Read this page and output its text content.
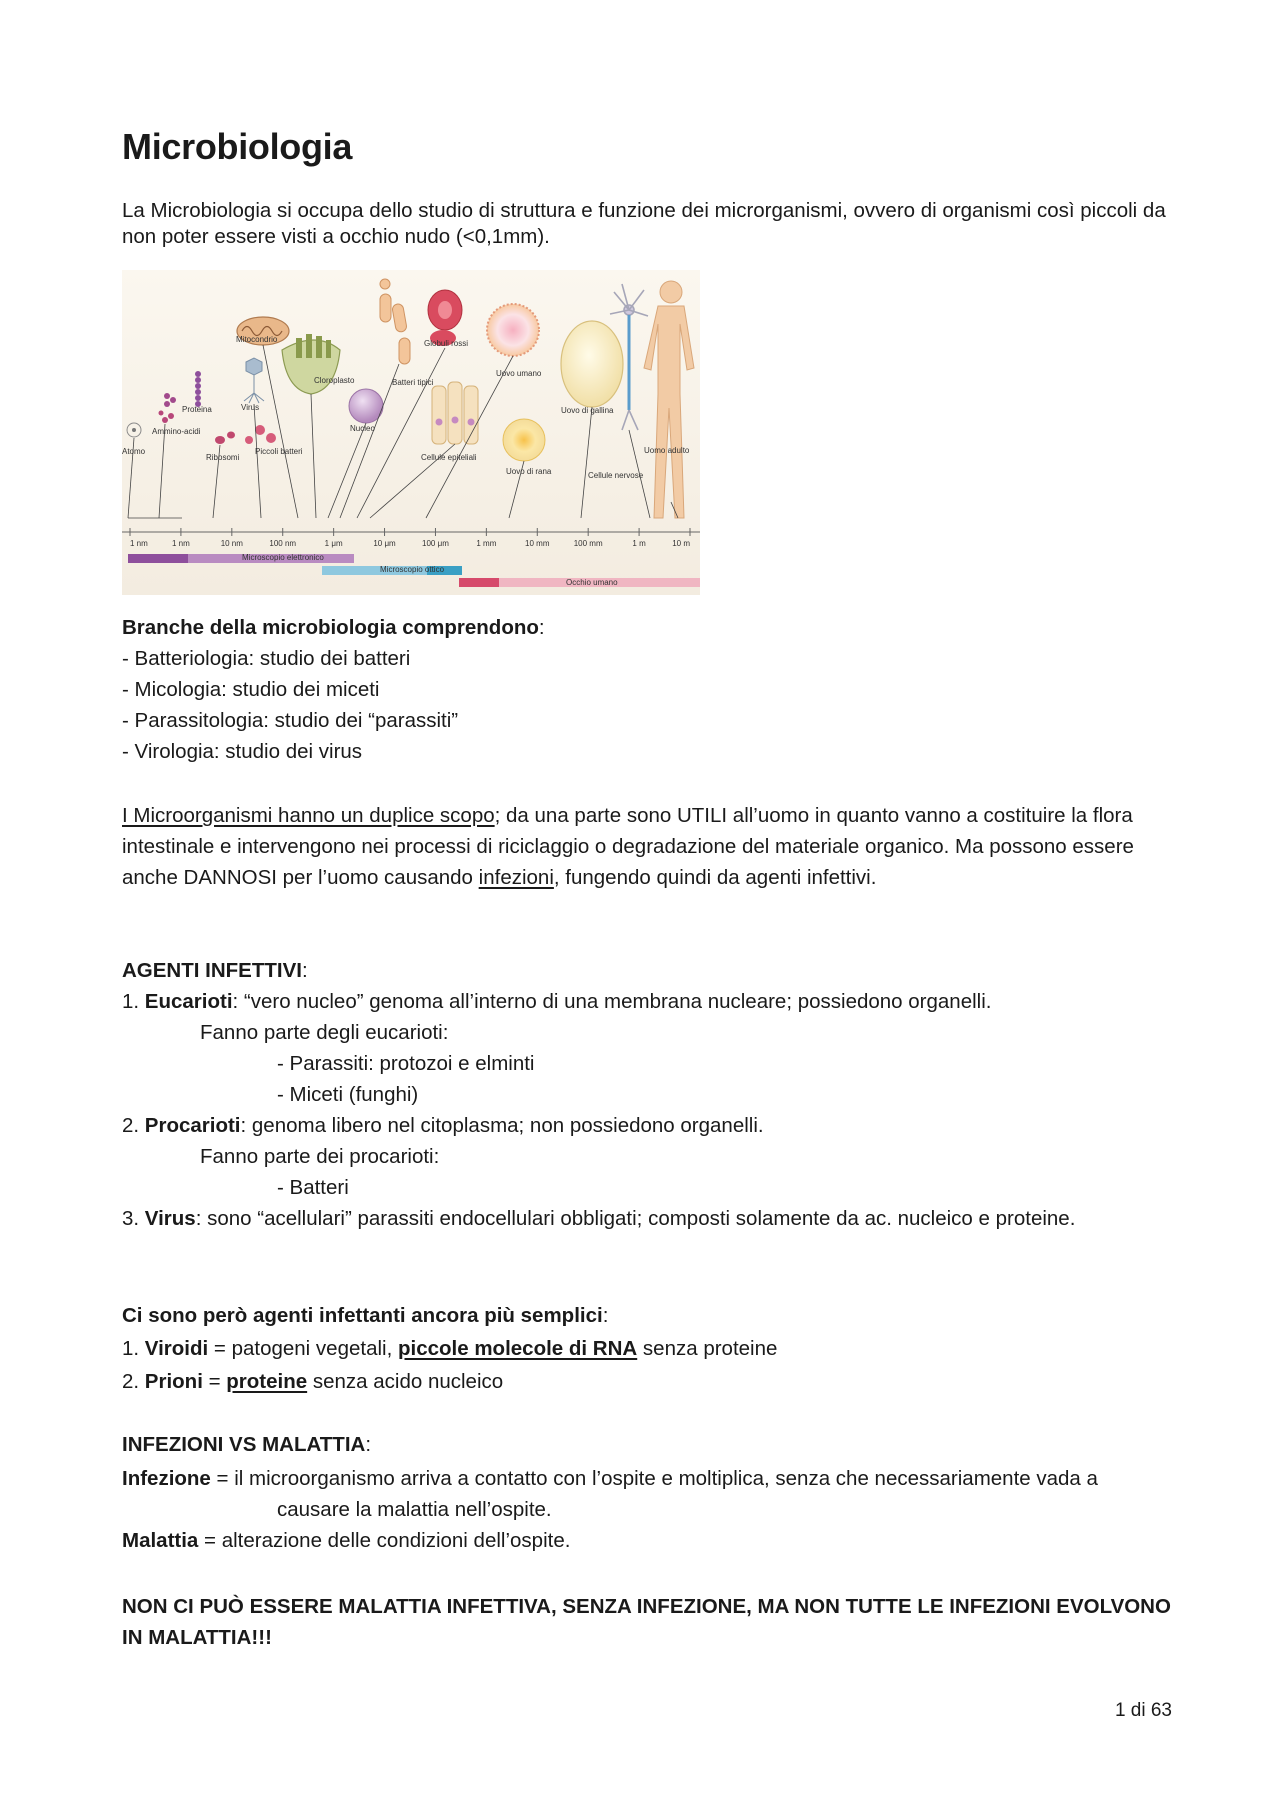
Microbiologia

La Microbiologia si occupa dello studio di struttura e funzione dei microrganismi, ovvero di organismi così piccoli da non poter essere visti a occhio nudo (<0,1mm).

Mitocondrio
Cloroplasto	Batteri tipici
Globuli rossi
Uovo umano
Uovo di gallina
Proteina	Virus
Nucleo
Ammino-acidi
Atomo
Ribosomi
Piccoli batteri
Cellule epiteliali
Uovo di rana	Cellule nervose
Uomo adulto
1 nm	1 nm	10 nm	100 nm	1 μm	10 μm	100 μm	1 mm	10 mm	100 mm	1 m	10 m
Microscopio elettronico
Microscopio ottico
Occhio umano

Branche della microbiologia comprendono:

- Batteriologia: studio dei batteri

- Micologia: studio dei miceti

- Parassitologia: studio dei “parassiti”

- Virologia: studio dei virus

I Microorganismi hanno un duplice scopo; da una parte sono UTILI all’uomo in quanto vanno a costituire la flora intestinale e intervengono nei processi di riciclaggio o degradazione del materiale organico. Ma possono essere anche DANNOSI per l’uomo causando infezioni, fungendo quindi da agenti infettivi.

AGENTI INFETTIVI:

1. Eucarioti: “vero nucleo” genoma all’interno di una membrana nucleare; possiedono organelli.

Fanno parte degli eucarioti:

- Parassiti: protozoi e elminti

- Miceti (funghi)

2. Procarioti: genoma libero nel citoplasma; non possiedono organelli.

Fanno parte dei procarioti:

- Batteri

3. Virus: sono “acellulari” parassiti endocellulari obbligati; composti solamente da ac. nucleico e proteine.

Ci sono però agenti infettanti ancora più semplici:

1. Viroidi = patogeni vegetali, piccole molecole di RNA senza proteine

2. Prioni = proteine senza acido nucleico

INFEZIONI VS MALATTIA:

Infezione = il microorganismo arriva a contatto con l’ospite e moltiplica, senza che necessariamente vada a causare la malattia nell’ospite.

Malattia = alterazione delle condizioni dell’ospite.

NON CI PUÒ ESSERE MALATTIA INFETTIVA, SENZA INFEZIONE, MA NON TUTTE LE INFEZIONI EVOLVONO IN MALATTIA!!!

1 di 63
